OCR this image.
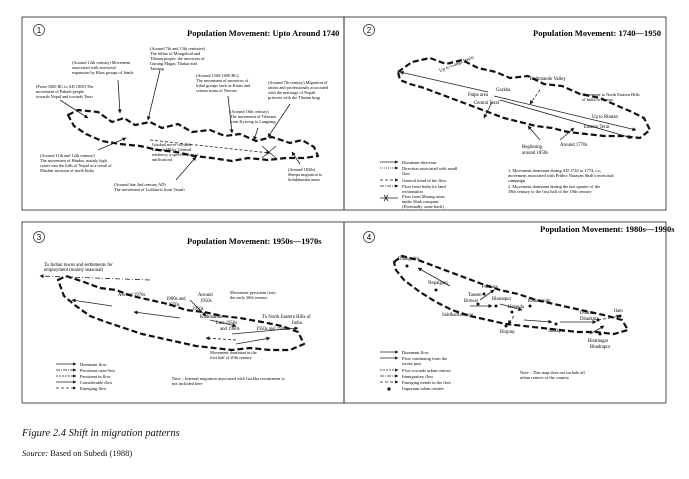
1	Population Movement: Upto Around 1740
(Around 12th century) Movement
associated with territorial
expansion by Khas groups of Jumla
(Around 7th and 13th centuries)
The influx of Mongoloid and
Tibetan people, the ancestors of
Gurung Magar, Thakar and
Tamang
(From 1000 BC to AD 1850) The
movement of Pahadi people
towards Nepal and towards Terai
(Around 1500-1000 BC)
The movement of ancestors of
tribal groups such as Kirats and
certain strata of Newars
(Around 7th century) Migration of
artists and professionals associated
with the marriage of Nepali
princess with the Tibetan king
(Around 11th and 12th century)
The movement of Hindus, mainly high
castes into the hills of Nepal as a result of
Muslim invasion of north India
Gradual move towards
Eastern Hills ( General
tendency, a specific date of
unification)
(Around late 2nd century AD)
The movement of Lichhavis from Vaisali
(Around 16th century)
The movement of Tibetans
from Kyirong to Langtang
(Around 1830s)
Sherpa migration to
Solukhumbu areas
2	Population Movement: 1740—1950
Up to Ganga Basin
Palpa area
Gorkha
Central Terai
Kathmandu Valley
Movement to North Eastern Hills
of India to Burma
Up to Bhutan
Eastern Terai
Beginning
around 1850s
Around 1770s
Dominant direction
Direction associated with small
flow
General trend of the flow
Flow from India for land
reclamation
Flow from Mirang areas
under Shah conquest
(Eventually came back)
1. Movement dominant during AD 1742 to 1774, i.e.,
movement associated with Prithvi Narayan Shah's territorial
campaign
2. Movement dominant during the last quarter of the
18th century to the first half of the 19th century
3	Population Movement: 1950s—1970s
To Indian towns and settlements for
employment (mainly seasonal)
Around 1970s
1960s and
1970s
Around
1950s
1950s
Kathmandu
Late 1950s
and 1960s
Movement persistent from
the early 20th century
To North Eastern Hills of
India
1950s and 1960s
Movement dominant in the
first half of 20th century
Dominant flow
Persistent cum-flow
Persistent in flow
Considerable flow
Emerging flow
Note – Internal migration associated with Gorkha recruitment is
not included here
4
Population Movement: 1980s—1990s
Dhangadhi
Nepalganj
Pokhara
Tansen
Butwal	Bharatpur
Hetauda
Kathmandu
Birgunj
Siddharthanagar
Janakpur
Dharan
Dhankuta
Ilam
Biratnagar
Bhadrapur
Dominant flow
Flow continuing from the
recent past
Flow towards urban centres
Immigratory flow
Emerging trends in the flow
Important urban centres
Note – This map does not include all
urban centres of the country

Figure 2.4 Shift in migration patterns

Source: Based on Subedi (1988)
